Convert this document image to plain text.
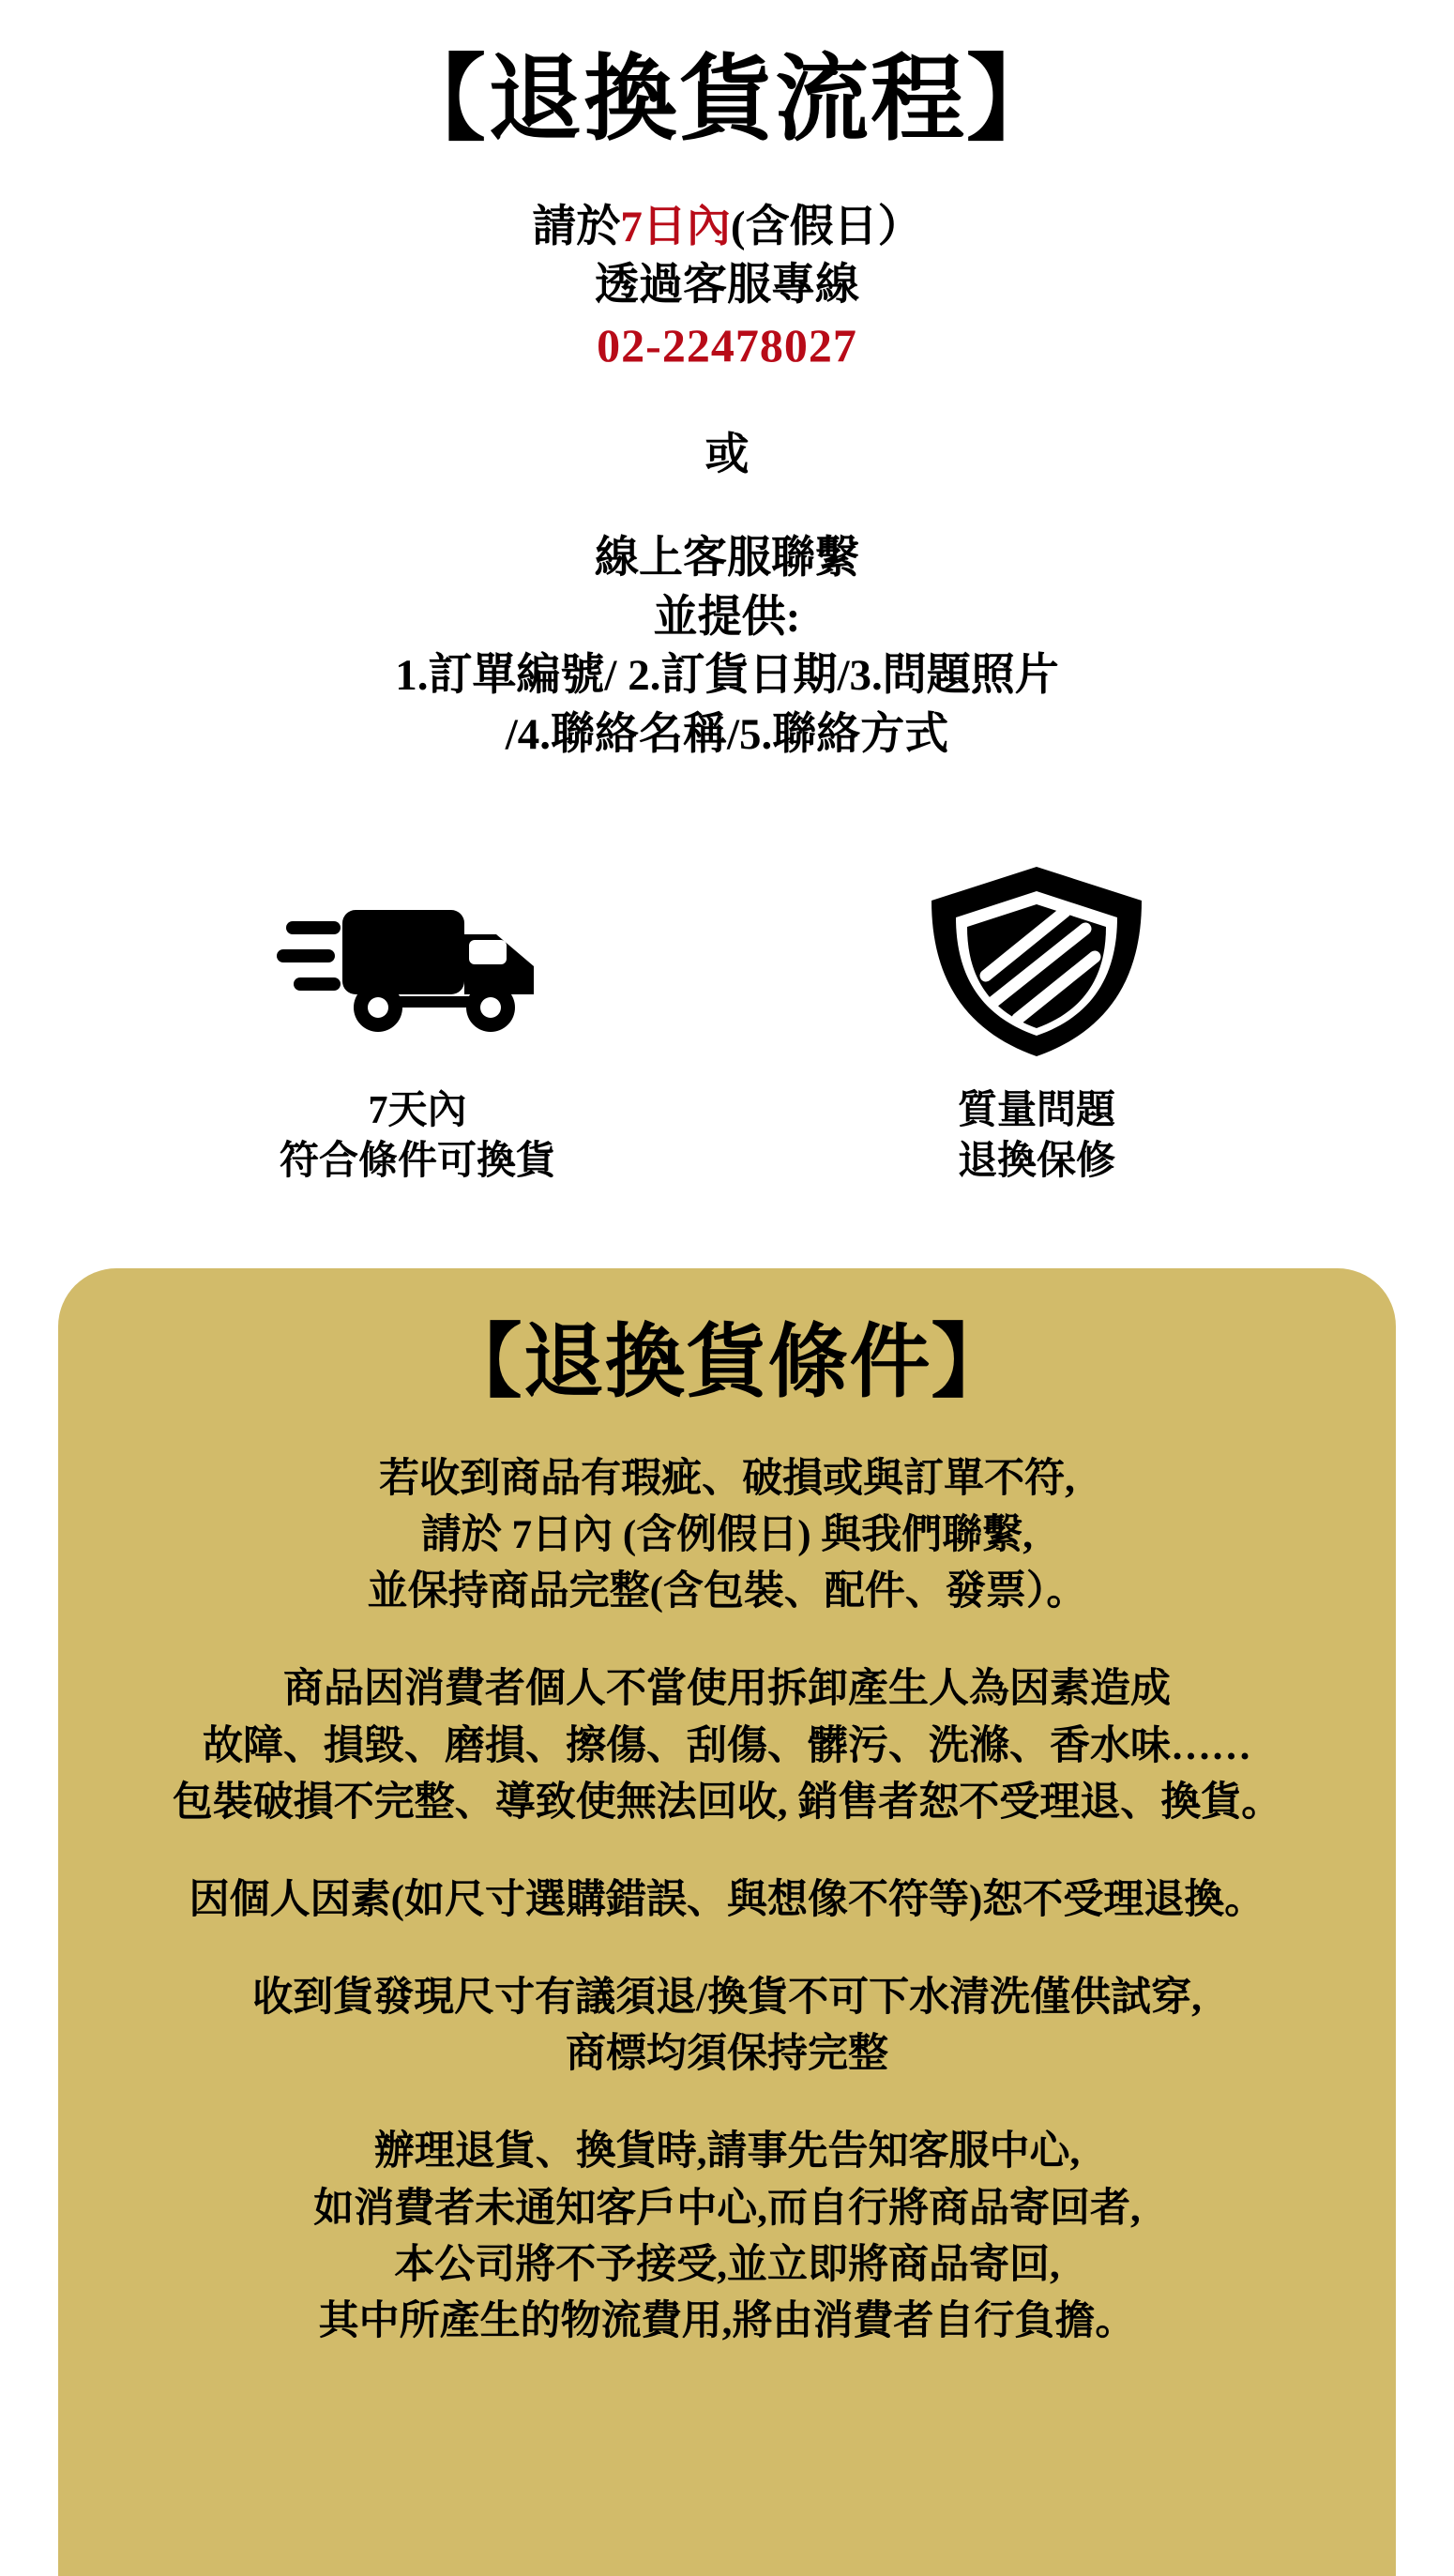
【退換貨流程】
請於7日內(含假日）
透過客服專線
02-22478027
或
線上客服聯繫
並提供:
1.訂單編號/ 2.訂貨日期/3.問題照片
/4.聯絡名稱/5.聯絡方式
7天內
符合條件可換貨
質量問題
退換保修
【退換貨條件】
若收到商品有瑕疵、破損或與訂單不符,
請於 7日內 (含例假日) 與我們聯繫,
並保持商品完整(含包裝、配件、發票）。
商品因消費者個人不當使用拆卸產生人為因素造成
故障、損毀、磨損、擦傷、刮傷、髒污、洗滌、香水味……
包裝破損不完整、導致使無法回收, 銷售者恕不受理退、換貨。
因個人因素(如尺寸選購錯誤、與想像不符等)恕不受理退換。
收到貨發現尺寸有議須退/換貨不可下水清洗僅供試穿,
商標均須保持完整
辦理退貨、換貨時,請事先告知客服中心,
如消費者未通知客戶中心,而自行將商品寄回者,
本公司將不予接受,並立即將商品寄回,
其中所產生的物流費用,將由消費者自行負擔。
